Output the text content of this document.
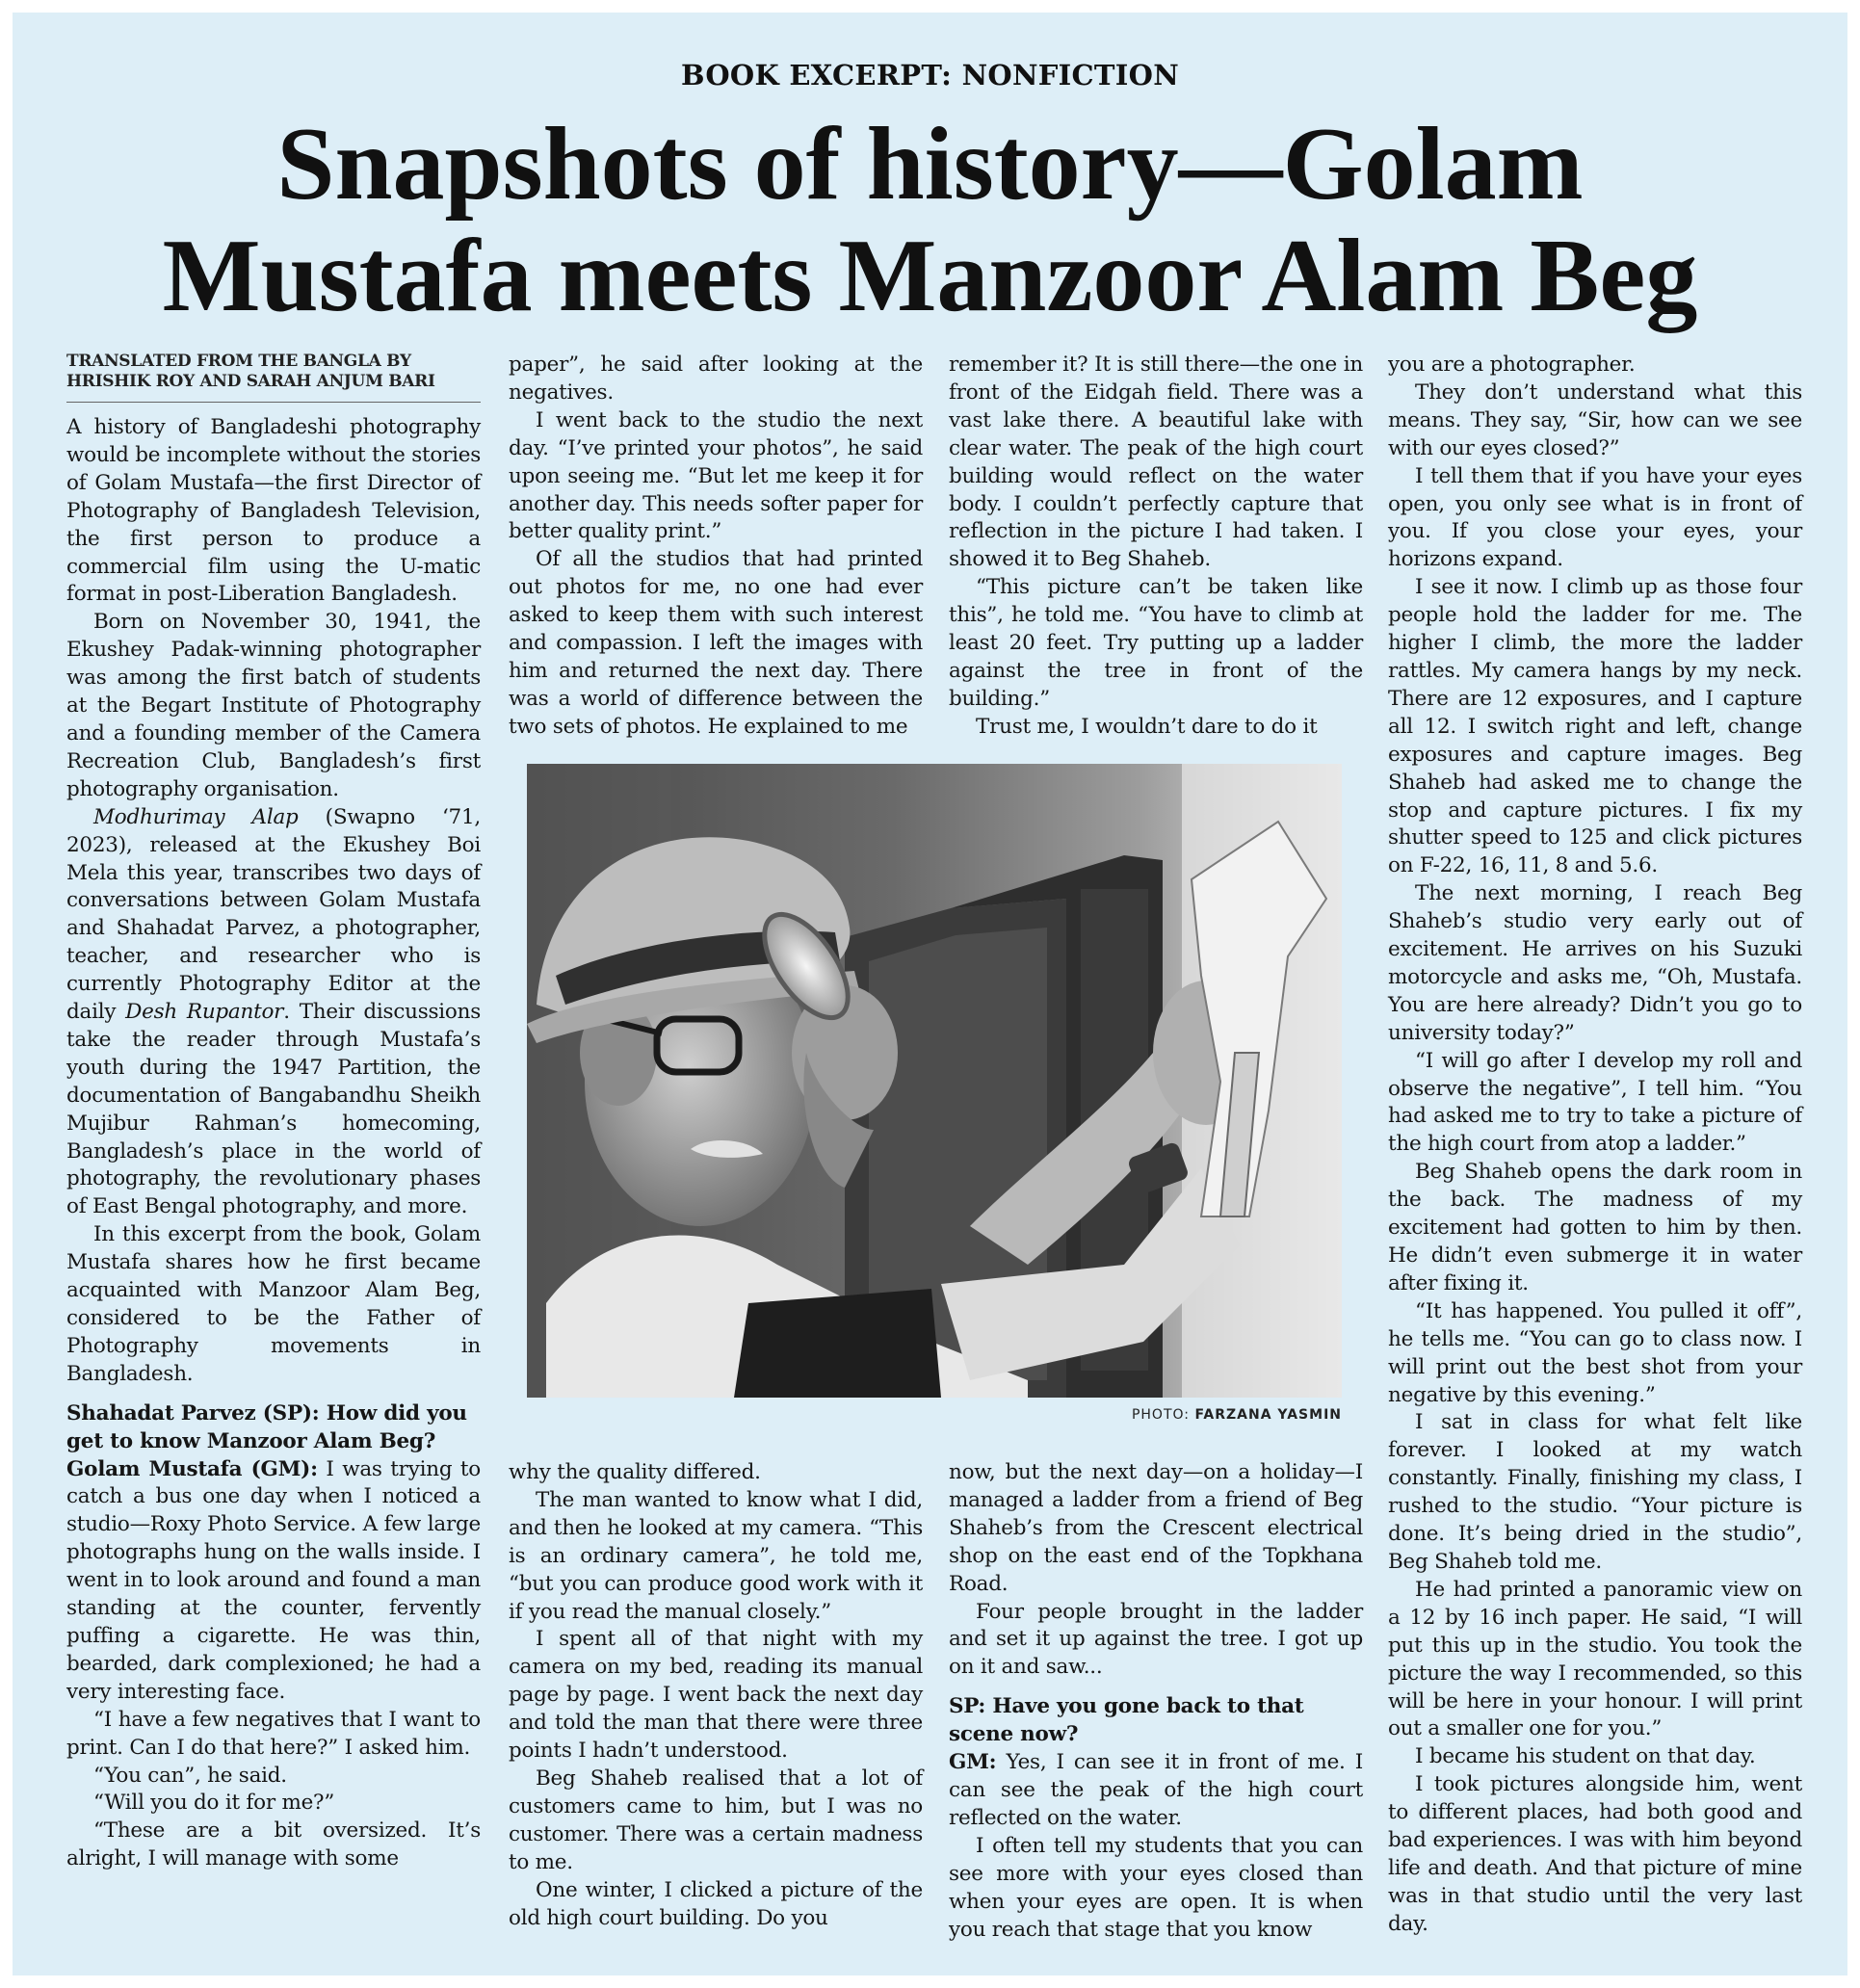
BOOK EXCERPT: NONFICTION
Snapshots of history—Golam
Mustafa meets Manzoor Alam Beg
TRANSLATED FROM THE BANGLA BY
HRISHIK ROY AND SARAH ANJUM BARI

A history of Bangladeshi photography would be incomplete without the stories of Golam Mustafa—the first Director of Photography of Bangladesh Television, the first person to produce a commercial film using the U-matic format in post-Liberation Bangladesh.

Born on November 30, 1941, the Ekushey Padak-winning photographer was among the first batch of students at the Begart Institute of Photography and a founding member of the Camera Recreation Club, Bangladesh’s first photography organisation.

Modhurimay Alap (Swapno ‘71, 2023), released at the Ekushey Boi Mela this year, transcribes two days of conversations between Golam Mustafa and Shahadat Parvez, a photographer, teacher, and researcher who is currently Photography Editor at the daily Desh Rupantor. Their discussions take the reader through Mustafa’s youth during the 1947 Partition, the documentation of Bangabandhu Sheikh Mujibur Rahman’s homecoming, Bangladesh’s place in the world of photography, the revolutionary phases of East Bengal photography, and more.

In this excerpt from the book, Golam Mustafa shares how he first became acquainted with Manzoor Alam Beg, considered to be the Father of Photography movements in Bangladesh.

Shahadat Parvez (SP): How did you get to know Manzoor Alam Beg?

Golam Mustafa (GM): I was trying to catch a bus one day when I noticed a studio—Roxy Photo Service. A few large photographs hung on the walls inside. I went in to look around and found a man standing at the counter, fervently puffing a cigarette. He was thin, bearded, dark complexioned; he had a very interesting face.

“I have a few negatives that I want to print. Can I do that here?” I asked him.

“You can”, he said.

“Will you do it for me?”

“These are a bit oversized. It’s alright, I will manage with some

paper”, he said after looking at the negatives.

I went back to the studio the next day. “I’ve printed your photos”, he said upon seeing me. “But let me keep it for another day. This needs softer paper for better quality print.”

Of all the studios that had printed out photos for me, no one had ever asked to keep them with such interest and compassion. I left the images with him and returned the next day. There was a world of difference between the two sets of photos. He explained to me

remember it? It is still there—the one in front of the Eidgah field. There was a vast lake there. A beautiful lake with clear water. The peak of the high court building would reflect on the water body. I couldn’t perfectly capture that reflection in the picture I had taken. I showed it to Beg Shaheb.

“This picture can’t be taken like this”, he told me. “You have to climb at least 20 feet. Try putting up a ladder against the tree in front of the building.”

Trust me, I wouldn’t dare to do it

you are a photographer.

They don’t understand what this means. They say, “Sir, how can we see with our eyes closed?”

I tell them that if you have your eyes open, you only see what is in front of you. If you close your eyes, your horizons expand.

I see it now. I climb up as those four people hold the ladder for me. The higher I climb, the more the ladder rattles. My camera hangs by my neck. There are 12 exposures, and I capture all 12. I switch right and left, change exposures and capture images. Beg Shaheb had asked me to change the stop and capture pictures. I fix my shutter speed to 125 and click pictures on F-22, 16, 11, 8 and 5.6.

The next morning, I reach Beg Shaheb’s studio very early out of excitement. He arrives on his Suzuki motorcycle and asks me, “Oh, Mustafa. You are here already? Didn’t you go to university today?”

“I will go after I develop my roll and observe the negative”, I tell him. “You had asked me to try to take a picture of the high court from atop a ladder.”

Beg Shaheb opens the dark room in the back. The madness of my excitement had gotten to him by then. He didn’t even submerge it in water after fixing it.

“It has happened. You pulled it off”, he tells me. “You can go to class now. I will print out the best shot from your negative by this evening.”

I sat in class for what felt like forever. I looked at my watch constantly. Finally, finishing my class, I rushed to the studio. “Your picture is done. It’s being dried in the studio”, Beg Shaheb told me.

He had printed a panoramic view on a 12 by 16 inch paper. He said, “I will put this up in the studio. You took the picture the way I recommended, so this will be here in your honour. I will print out a smaller one for you.”

I became his student on that day.

I took pictures alongside him, went to different places, had both good and bad experiences. I was with him beyond life and death. And that picture of mine was in that studio until the very last day.

PHOTO: FARZANA YASMIN

why the quality differed.

The man wanted to know what I did, and then he looked at my camera. “This is an ordinary camera”, he told me, “but you can produce good work with it if you read the manual closely.”

I spent all of that night with my camera on my bed, reading its manual page by page. I went back the next day and told the man that there were three points I hadn’t understood.

Beg Shaheb realised that a lot of customers came to him, but I was no customer. There was a certain madness to me.

One winter, I clicked a picture of the old high court building. Do you

now, but the next day—on a holiday—I managed a ladder from a friend of Beg Shaheb’s from the Crescent electrical shop on the east end of the Topkhana Road.

Four people brought in the ladder and set it up against the tree. I got up on it and saw...

SP: Have you gone back to that scene now?

GM: Yes, I can see it in front of me. I can see the peak of the high court reflected on the water.

I often tell my students that you can see more with your eyes closed than when your eyes are open. It is when you reach that stage that you know
